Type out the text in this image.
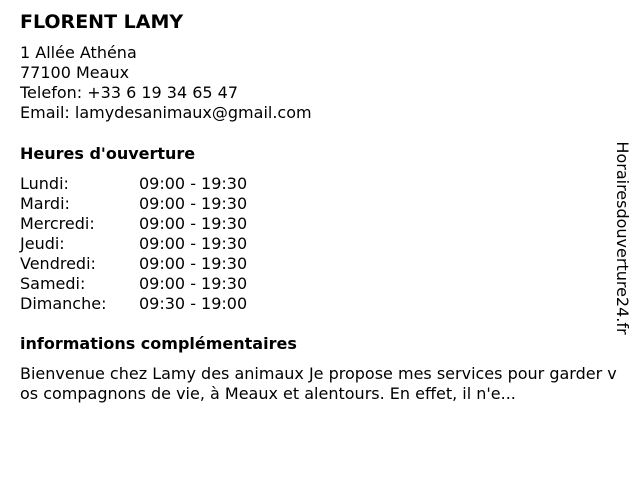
FLORENT LAMY
1 Allée Athéna
77100 Meaux
Telefon: +33 6 19 34 65 47
Email: lamydesanimaux@gmail.com
Heures d'ouverture
Lundi:	09:00 - 19:30
Mardi:	09:00 - 19:30
Mercredi:	09:00 - 19:30
Jeudi:	09:00 - 19:30
Vendredi:	09:00 - 19:30
Samedi:	09:00 - 19:30
Dimanche: 09:30 - 19:00
informations complémentaires
Bienvenue chez Lamy des animaux Je propose mes services pour garder vos compagnons de vie, à Meaux et alentours. En effet, il n'e...
Horairesdouverture24.fr
